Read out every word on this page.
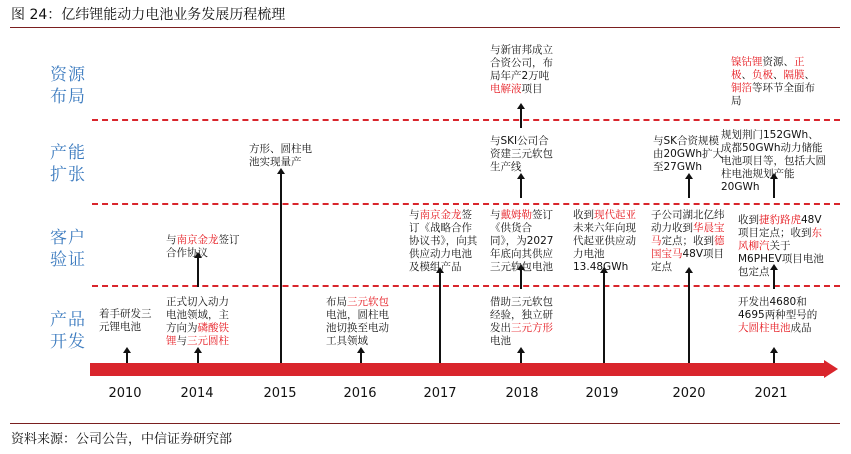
图 24：亿纬锂能动力电池业务发展历程梳理
资源布局
产能扩张
客户验证
产品开发
2010	2014	2015	2016	2017	2018	2019	2020	2021
着手研发三元锂电池
与南京金龙签订合作协议
正式切入动力电池领域，主方向为磷酸铁锂与三元圆柱
方形、圆柱电池实现量产
布局三元软包电池，圆柱电池切换至电动工具领域
与南京金龙签订《战略合作协议书》，向其供应动力电池及模组产品
与新宙邦成立合资公司，布局年产2万吨电解液项目
与SKI公司合资建三元软包生产线
与戴姆勒签订《供货合同》，为2027年底向其供应三元软包电池
借助三元软包经验，独立研发出三元方形电池
收到现代起亚未来六年向现代起亚供应动力电池13.48GWh
与SK合资规模由20GWh扩大至27GWh
子公司湖北亿纬动力收到华晨宝马定点；收到德国宝马48V项目定点
镍钴锂资源、正极、负极、隔膜、铜箔等环节全面布局
规划荆门152GWh、成都50GWh动力储能电池项目等，包括大圆柱电池规划产能20GWh
收到捷豹路虎48V项目定点；收到东风柳汽关于M6PHEV项目电池包定点
开发出4680和4695两种型号的大圆柱电池成品
资料来源：公司公告，中信证券研究部
